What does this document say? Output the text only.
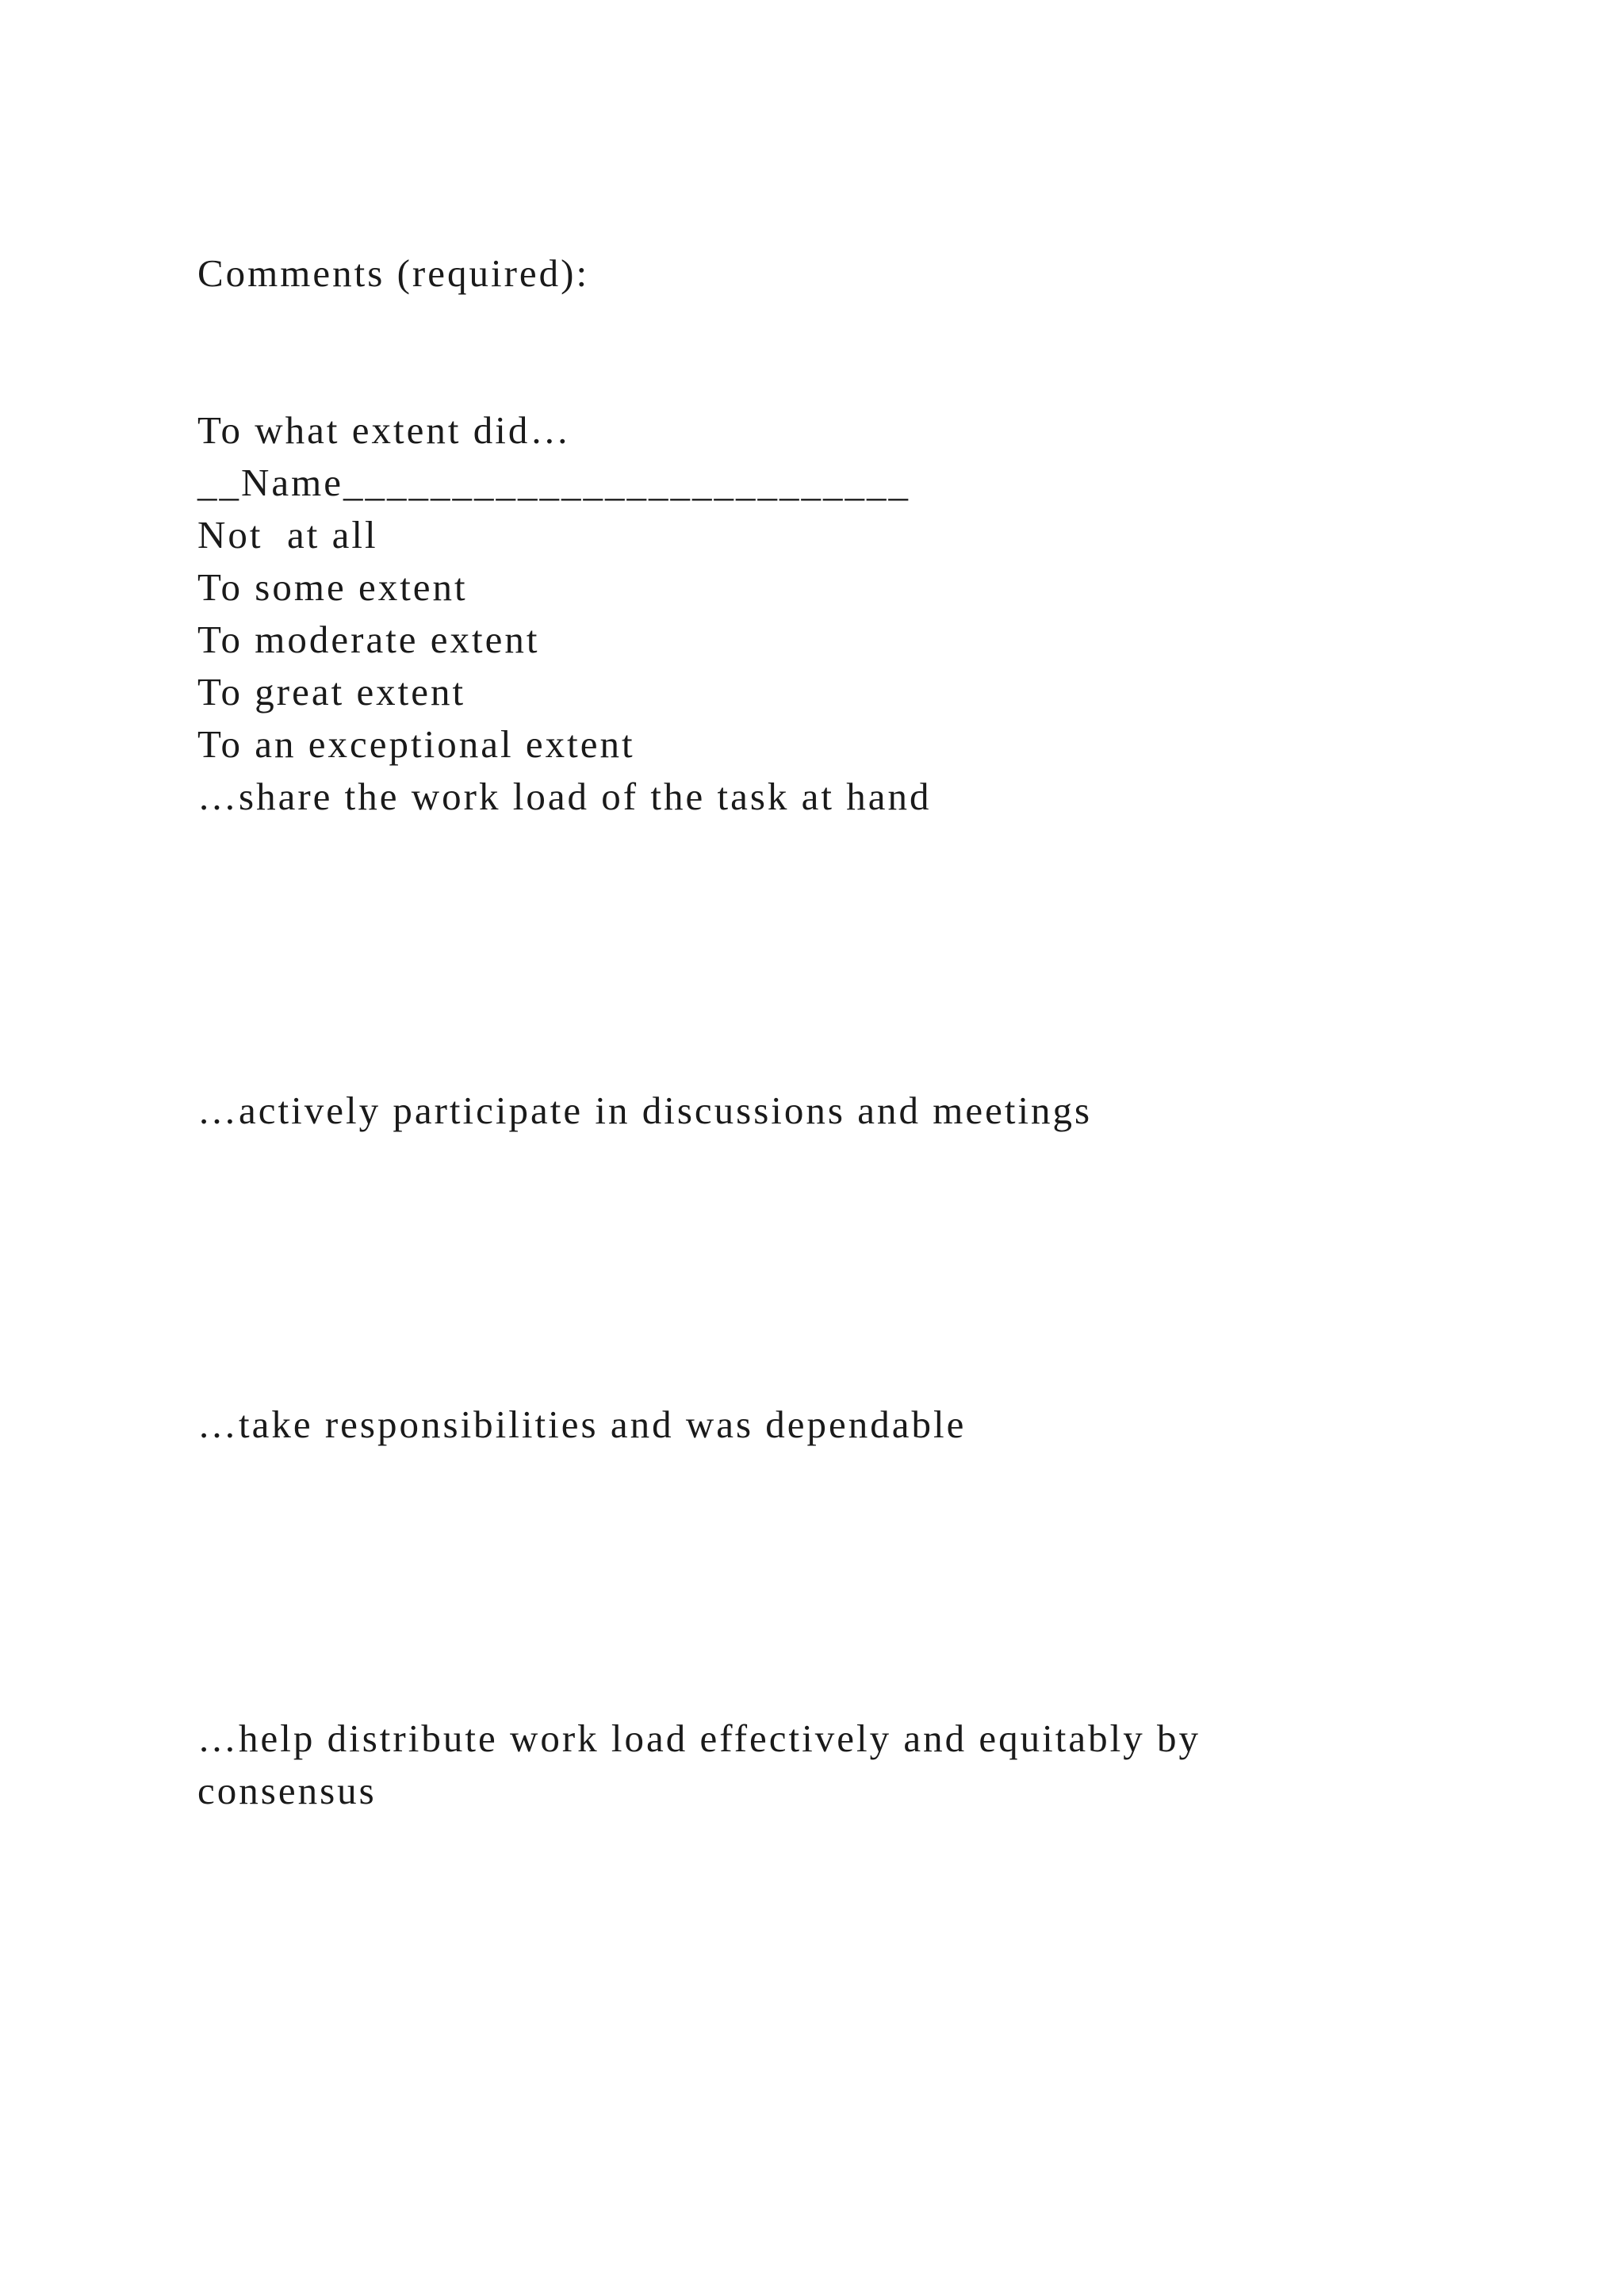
Comments (required):

To what extent did…

__Name__________________________

Not  at all

To some extent

To moderate extent

To great extent

To an exceptional extent

…share the work load of the task at hand

…actively participate in discussions and meetings

…take responsibilities and was dependable

…help distribute work load effectively and equitably by consensus
